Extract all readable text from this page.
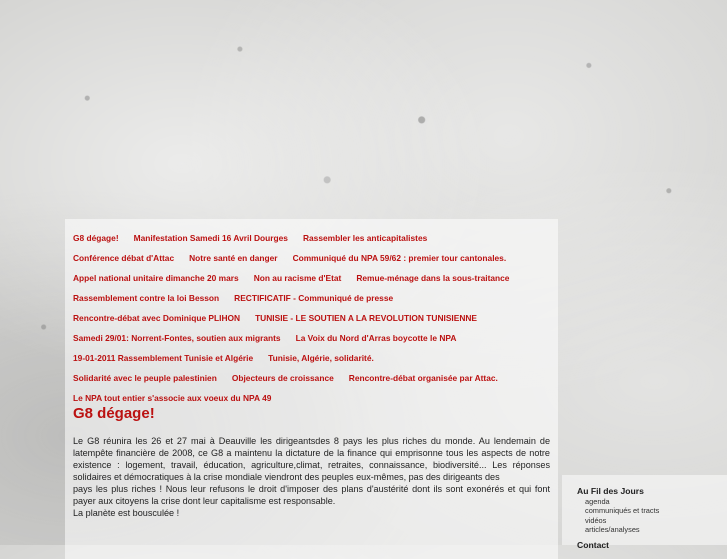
G8 dégage! Manifestation Samedi 16 Avril Dourges Rassembler les anticapitalistes
Conférence débat d'Attac Notre santé en danger Communiqué du NPA 59/62 : premier tour cantonales.
Appel national unitaire dimanche 20 mars Non au racisme d'Etat Remue-ménage dans la sous-traitance
Rassemblement contre la loi Besson RECTIFICATIF - Communiqué de presse
Rencontre-débat avec Dominique PLIHON TUNISIE - LE SOUTIEN A LA REVOLUTION TUNISIENNE
Samedi 29/01: Norrent-Fontes, soutien aux migrants La Voix du Nord d'Arras boycotte le NPA
19-01-2011 Rassemblement Tunisie et Algérie Tunisie, Algérie, solidarité.
Solidarité avec le peuple palestinien Objecteurs de croissance Rencontre-débat organisée par Attac.
Le NPA tout entier s'associe aux voeux du NPA 49
G8 dégage!

Le G8 réunira les 26 et 27 mai à Deauville les dirigeantsdes 8 pays les plus riches du monde. Au lendemain de latempête financière de 2008, ce G8 a maintenu la dictature de la finance qui emprisonne tous les aspects de notre existence : logement, travail, éducation, agriculture,climat, retraites, connaissance, biodiversité... Les réponses solidaires et démocratiques à la crise mondiale viendront des peuples eux-mêmes, pas des dirigeants des

pays les plus riches ! Nous leur refusons le droit d'imposer des plans d'austérité dont ils sont exonérés et qui font payer aux citoyens la crise dont leur capitalisme est responsable.

La planète est bousculée !

Au Fil des Jours
agenda
communiqués et tracts
vidéos
articles/analyses
Contact
